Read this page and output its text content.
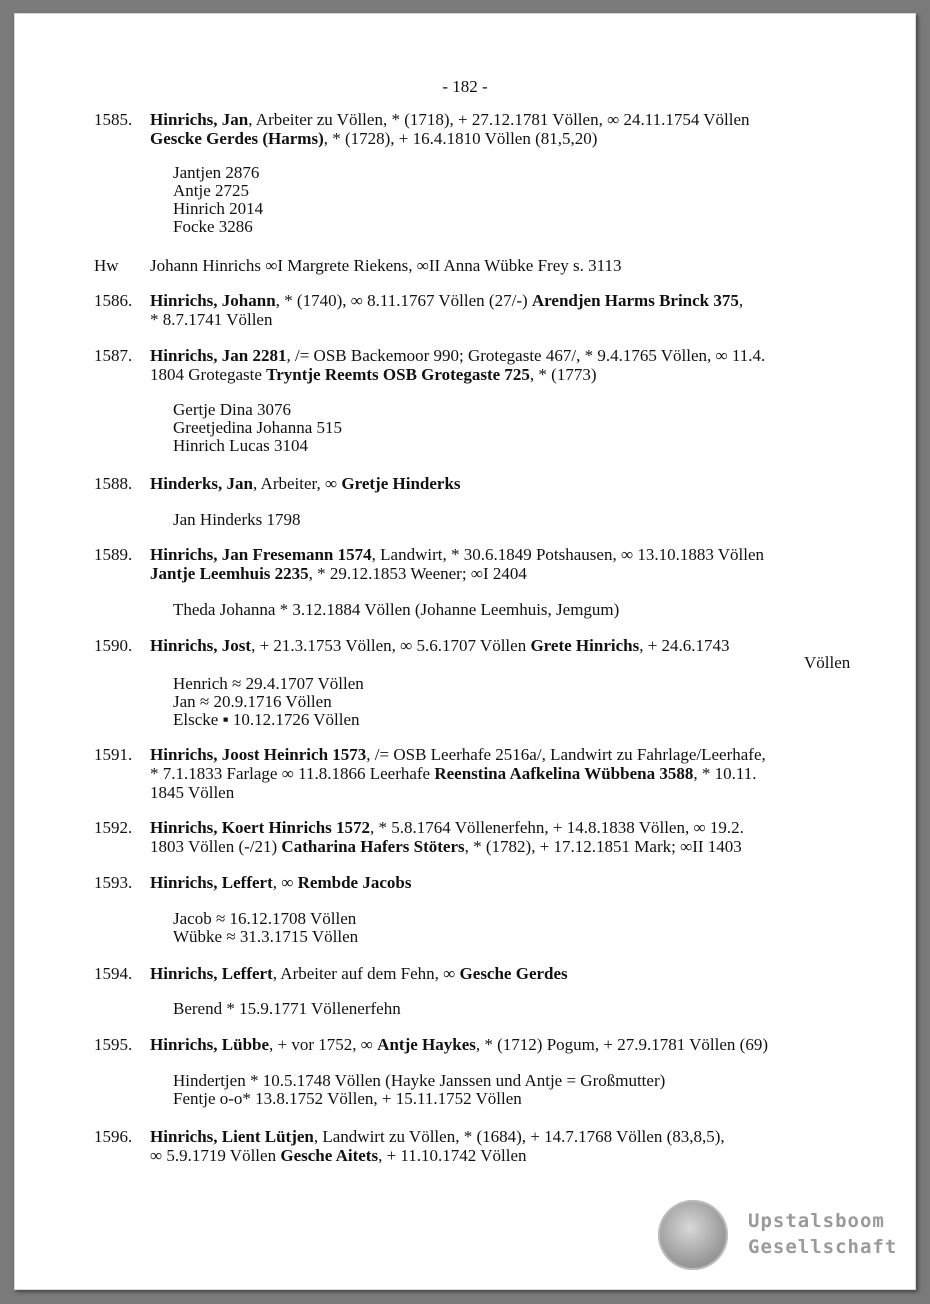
- 182 -
1585. Hinrichs, Jan, Arbeiter zu Völlen, * (1718), + 27.12.1781 Völlen, ∞ 24.11.1754 Völlen
Gescke Gerdes (Harms), * (1728), + 16.4.1810 Völlen (81,5,20)
Jantjen 2876
Antje 2725
Hinrich 2014
Focke 3286
Hw Johann Hinrichs ∞I Margrete Riekens, ∞II Anna Wübke Frey s. 3113
1586. Hinrichs, Johann, * (1740), ∞ 8.11.1767 Völlen (27/-) Arendjen Harms Brinck 375,
* 8.7.1741 Völlen
1587. Hinrichs, Jan 2281, /= OSB Backemoor 990; Grotegaste 467/, * 9.4.1765 Völlen, ∞ 11.4.
1804 Grotegaste Tryntje Reemts OSB Grotegaste 725, * (1773)
Gertje Dina 3076
Greetjedina Johanna 515
Hinrich Lucas 3104
1588. Hinderks, Jan, Arbeiter, ∞ Gretje Hinderks
Jan Hinderks 1798
1589. Hinrichs, Jan Fresemann 1574, Landwirt, * 30.6.1849 Potshausen, ∞ 13.10.1883 Völlen
Jantje Leemhuis 2235, * 29.12.1853 Weener; ∞I 2404
Theda Johanna * 3.12.1884 Völlen (Johanne Leemhuis, Jemgum)
1590. Hinrichs, Jost, + 21.3.1753 Völlen, ∞ 5.6.1707 Völlen Grete Hinrichs, + 24.6.1743
Völlen
Henrich ≈ 29.4.1707 Völlen
Jan ≈ 20.9.1716 Völlen
Elscke ▪ 10.12.1726 Völlen
1591. Hinrichs, Joost Heinrich 1573, /= OSB Leerhafe 2516a/, Landwirt zu Fahrlage/Leerhafe,
* 7.1.1833 Farlage ∞ 11.8.1866 Leerhafe Reenstina Aafkelina Wübbena 3588, * 10.11.
1845 Völlen
1592. Hinrichs, Koert Hinrichs 1572, * 5.8.1764 Völlenerfehn, + 14.8.1838 Völlen, ∞ 19.2.
1803 Völlen (-/21) Catharina Hafers Stöters, * (1782), + 17.12.1851 Mark; ∞II 1403
1593. Hinrichs, Leffert, ∞ Rembde Jacobs
Jacob ≈ 16.12.1708 Völlen
Wübke ≈ 31.3.1715 Völlen
1594. Hinrichs, Leffert, Arbeiter auf dem Fehn, ∞ Gesche Gerdes
Berend * 15.9.1771 Völlenerfehn
1595. Hinrichs, Lübbe, + vor 1752, ∞ Antje Haykes, * (1712) Pogum, + 27.9.1781 Völlen (69)
Hindertjen * 10.5.1748 Völlen (Hayke Janssen und Antje = Großmutter)
Fentje o-o* 13.8.1752 Völlen, + 15.11.1752 Völlen
1596. Hinrichs, Lient Lütjen, Landwirt zu Völlen, * (1684), + 14.7.1768 Völlen (83,8,5),
∞ 5.9.1719 Völlen Gesche Aitets, + 11.10.1742 Völlen
Upstalsboom
Gesellschaft
